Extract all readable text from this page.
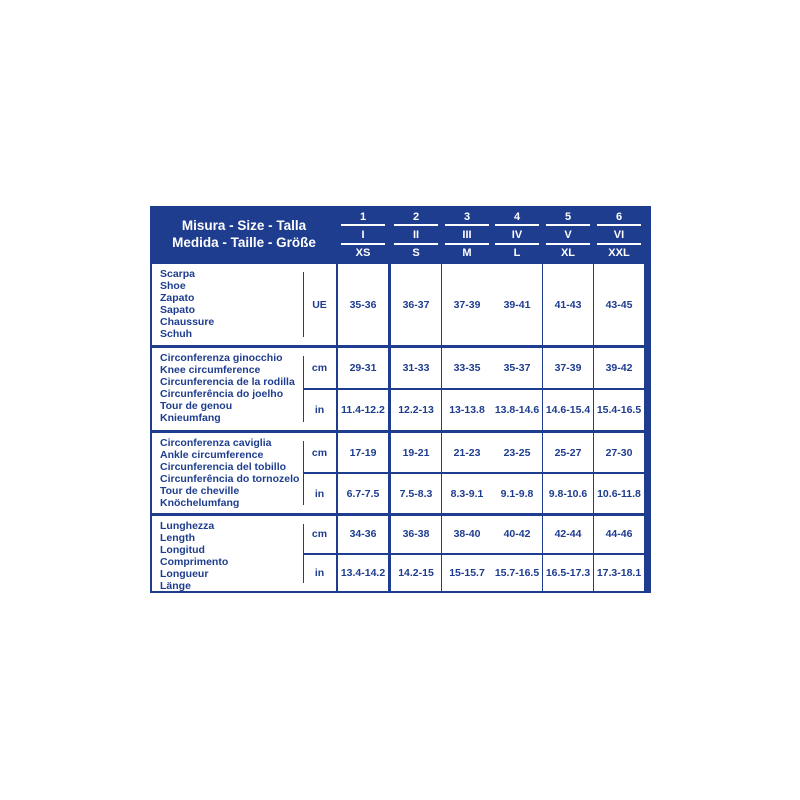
Misura - Size - Talla
Medida - Taille - Größe
1	2	3	4	5	6
I	II	III	IV	V	VI
XS	S	M	L	XL	XXL
Scarpa
Shoe
Zapato
Sapato
Chaussure
Schuh
UE	35-36	36-37	37-39	39-41	41-43	43-45
Circonferenza ginocchio
Knee circumference
Circunferencia de la rodilla
Circunferência do joelho
Tour de genou
Knieumfang
cm	29-31	31-33	33-35	35-37	37-39	39-42
in	11.4-12.2	12.2-13	13-13.8 13.8-14.6 14.6-15.4 15.4-16.5
Circonferenza caviglia
Ankle circumference
Circunferencia del tobillo
Circunferência do tornozelo
Tour de cheville
Knöchelumfang
cm	17-19	19-21	21-23	23-25	25-27	27-30
in	6.7-7.5	7.5-8.3	8.3-9.1	9.1-9.8	9.8-10.6 10.6-11.8
Lunghezza
Length
Longitud
Comprimento
Longueur
Länge
cm	34-36	36-38	38-40	40-42	42-44	44-46
in	13.4-14.2	14.2-15	15-15.7 15.7-16.5 16.5-17.3 17.3-18.1
